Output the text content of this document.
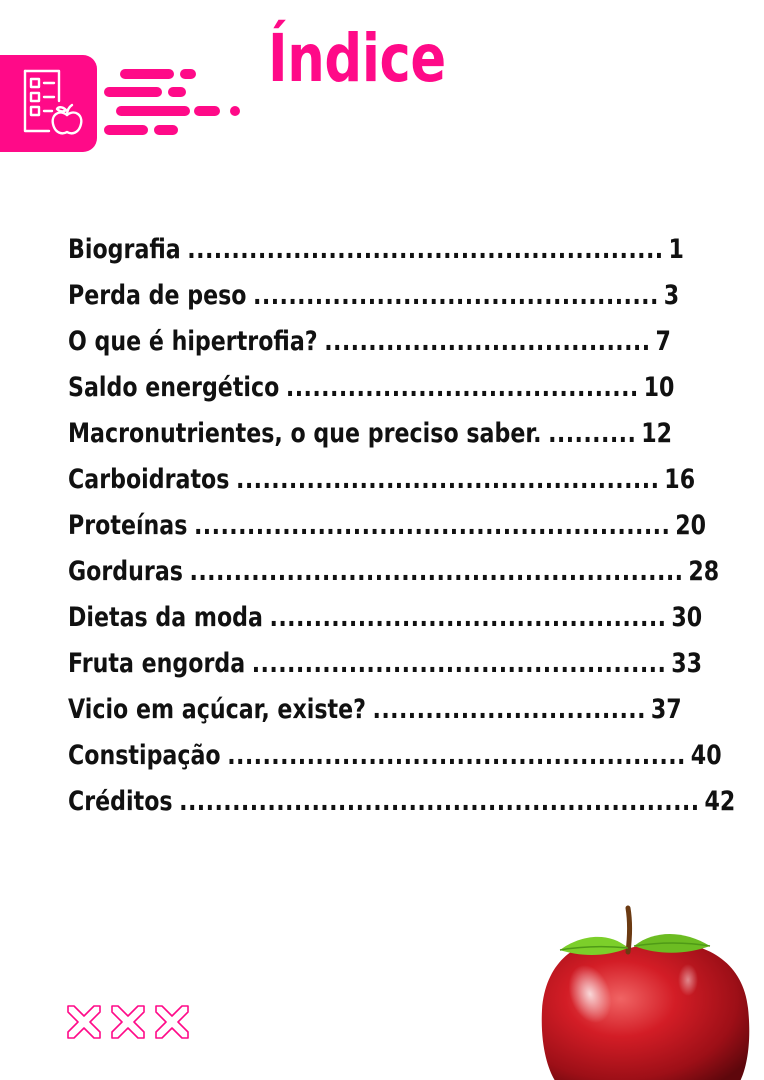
Índice
Biografia ...................................................... 1
Perda de peso .............................................. 3
O que é hipertrofia? ..................................... 7
Saldo energético ........................................ 10
Macronutrientes, o que preciso saber. .......... 12
Carboidratos ................................................ 16
Proteínas ...................................................... 20
Gorduras ........................................................ 28
Dietas da moda ............................................. 30
Fruta engorda ............................................... 33
Vicio em açúcar, existe? ............................... 37
Constipação .................................................... 40
Créditos ........................................................... 42
